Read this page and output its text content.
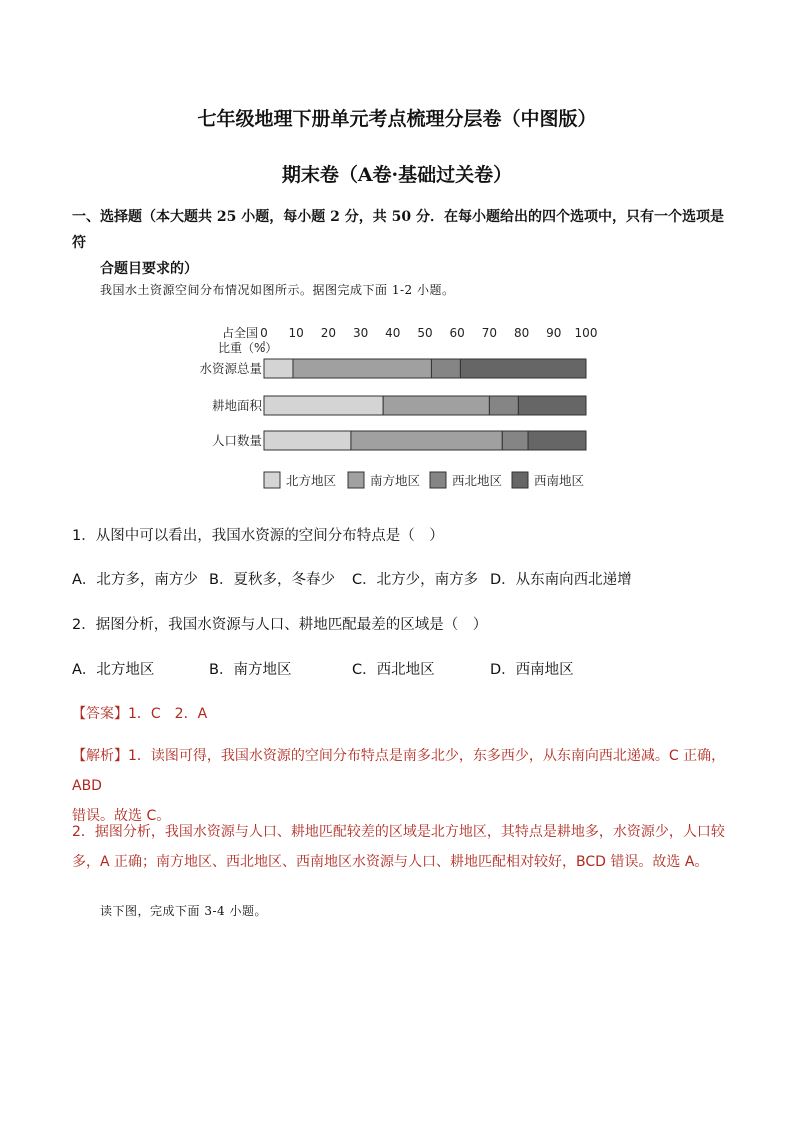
七年级地理下册单元考点梳理分层卷（中图版）
期末卷（A卷·基础过关卷）
一、选择题（本大题共 25 小题，每小题 2 分，共 50 分．在每小题给出的四个选项中，只有一个选项是符
合题目要求的）
我国水土资源空间分布情况如图所示。据图完成下面 1-2 小题。
占全国
比重（%）
0 10 20 30 40 50 60 70 80 90 100
水资源总量
耕地面积
人口数量
北方地区	南方地区	西北地区	西南地区
1．从图中可以看出，我国水资源的空间分布特点是（　）
A．北方多，南方少 B．夏秋多，冬春少 C．北方少，南方多 D．从东南向西北递增
2．据图分析，我国水资源与人口、耕地匹配最差的区域是（　）
A．北方地区	B．南方地区	C．西北地区	D．西南地区
【答案】1．C　2．A
【解析】1．读图可得，我国水资源的空间分布特点是南多北少，东多西少，从东南向西北递减。C 正确，ABD
错误。故选 C。
2．据图分析，我国水资源与人口、耕地匹配较差的区域是北方地区，其特点是耕地多，水资源少，人口较
多，A 正确；南方地区、西北地区、西南地区水资源与人口、耕地匹配相对较好，BCD 错误。故选 A。
读下图，完成下面 3-4 小题。
